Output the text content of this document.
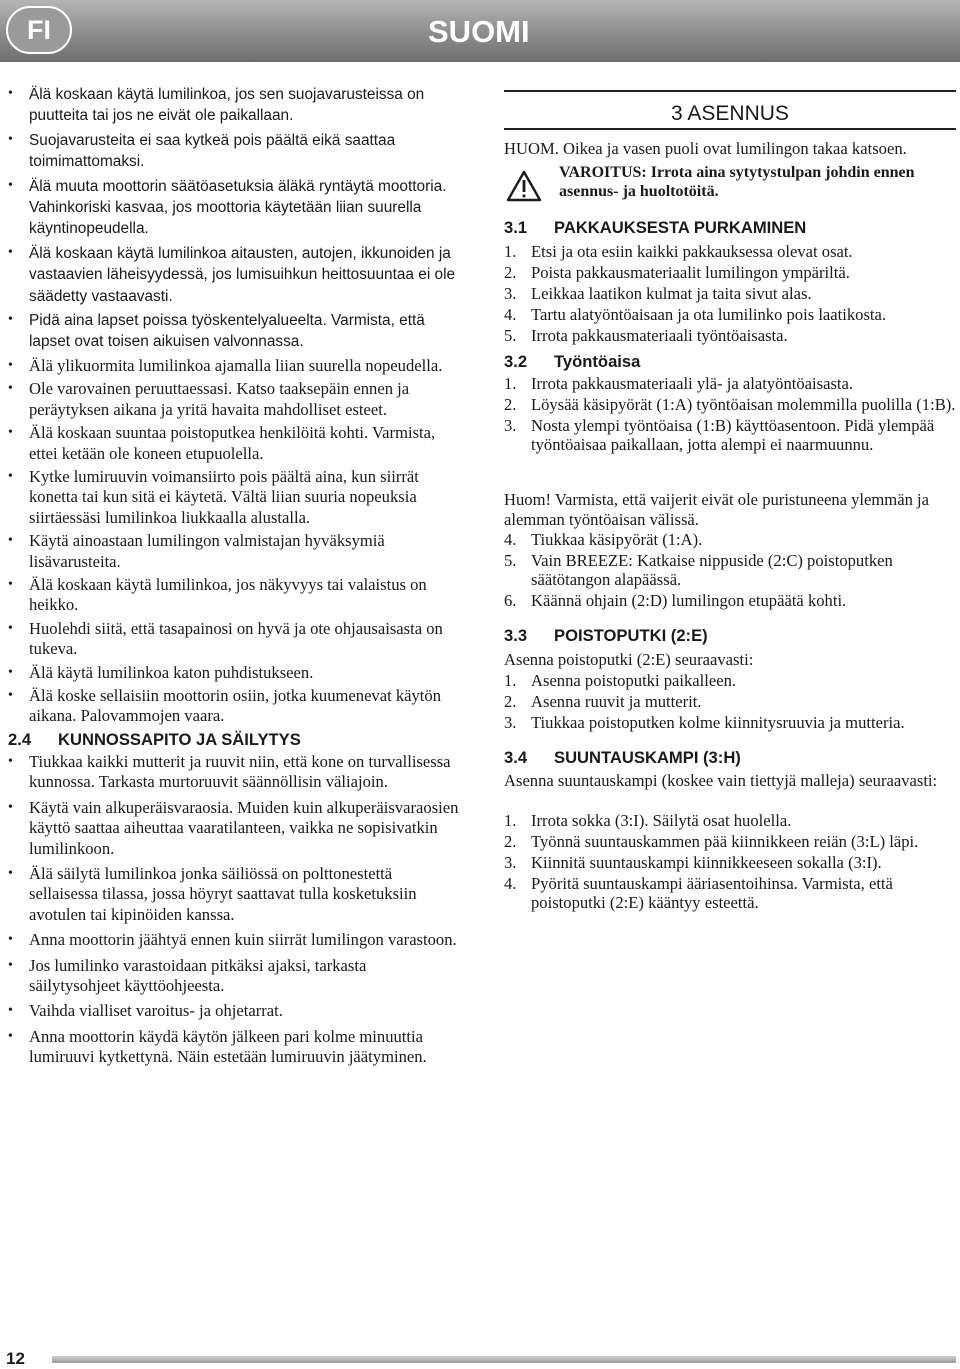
FI	SUOMI
• Älä koskaan käytä lumilinkoa, jos sen suojavarusteissa on puutteita tai jos ne eivät ole paikallaan.
• Suojavarusteita ei saa kytkeä pois päältä eikä saattaa toimimattomaksi.
• Älä muuta moottorin säätöasetuksia äläkä ryntäytä moottoria. Vahinkoriski kasvaa, jos moottoria käytetään liian suurella käyntinopeudella.
• Älä koskaan käytä lumilinkoa aitausten, autojen, ikkunoiden ja vastaavien läheisyydessä, jos lumisuihkun heittosuuntaa ei ole säädetty vastaavasti.
• Pidä aina lapset poissa työskentelyalueelta. Varmista, että lapset ovat toisen aikuisen valvonnassa.
• Älä ylikuormita lumilinkoa ajamalla liian suurella nopeudella.
• Ole varovainen peruuttaessasi. Katso taaksepäin ennen ja peräytyksen aikana ja yritä havaita mahdolliset esteet.
• Älä koskaan suuntaa poistoputkea henkilöitä kohti. Varmista, ettei ketään ole koneen etupuolella.
• Kytke lumiruuvin voimansiirto pois päältä aina, kun siirrät konetta tai kun sitä ei käytetä. Vältä liian suuria nopeuksia siirtäessäsi lumilinkoa liukkaalla alustalla.
• Käytä ainoastaan lumilingon valmistajan hyväksymiä lisävarusteita.
• Älä koskaan käytä lumilinkoa, jos näkyvyys tai valaistus on heikko.
• Huolehdi siitä, että tasapainosi on hyvä ja ote ohjausaisasta on tukeva.
• Älä käytä lumilinkoa katon puhdistukseen.
• Älä koske sellaisiin moottorin osiin, jotka kuumenevat käytön aikana. Palovammojen vaara.
2.4 KUNNOSSAPITO JA SÄILYTYS
• Tiukkaa kaikki mutterit ja ruuvit niin, että kone on turvallisessa kunnossa. Tarkasta murtoruuvit säännöllisin väliajoin.
• Käytä vain alkuperäisvaraosia. Muiden kuin alkuperäisvaraosien käyttö saattaa aiheuttaa vaaratilanteen, vaikka ne sopisivatkin lumilinkoon.
• Älä säilytä lumilinkoa jonka säiliössä on polttonestettä sellaisessa tilassa, jossa höyryt saattavat tulla kosketuksiin avotulen tai kipinöiden kanssa.
• Anna moottorin jäähtyä ennen kuin siirrät lumilingon varastoon.
• Jos lumilinko varastoidaan pitkäksi ajaksi, tarkasta säilytysohjeet käyttöohjeesta.
• Vaihda vialliset varoitus- ja ohjetarrat.
• Anna moottorin käydä käytön jälkeen pari kolme minuuttia lumiruuvi kytkettynä. Näin estetään lumiruuvin jäätyminen.
3 ASENNUS
HUOM. Oikea ja vasen puoli ovat lumilingon takaa katsoen.
VAROITUS: Irrota aina sytytystulpan johdin ennen asennus- ja huoltotöitä.
3.1 PAKKAUKSESTA PURKAMINEN
1. Etsi ja ota esiin kaikki pakkauksessa olevat osat.
2. Poista pakkausmateriaalit lumilingon ympäriltä.
3. Leikkaa laatikon kulmat ja taita sivut alas.
4. Tartu alatyöntöaisaan ja ota lumilinko pois laatikosta.
5. Irrota pakkausmateriaali työntöaisasta.
3.2 Työntöaisa
1. Irrota pakkausmateriaali ylä- ja alatyöntöaisasta.
2. Löysää käsipyörät (1:A) työntöaisan molemmilla puolilla (1:B).
3. Nosta ylempi työntöaisa (1:B) käyttöasentoon. Pidä ylempää työntöaisaa paikallaan, jotta alempi ei naarmuunnu.
Huom! Varmista, että vaijerit eivät ole puristuneena ylemmän ja alemman työntöaisan välissä.
4. Tiukkaa käsipyörät (1:A).
5. Vain BREEZE: Katkaise nippuside (2:C) poistoputken säätötangon alapäässä.
6. Käännä ohjain (2:D) lumilingon etupäätä kohti.
3.3 POISTOPUTKI (2:E)
Asenna poistoputki (2:E) seuraavasti:
1. Asenna poistoputki paikalleen.
2. Asenna ruuvit ja mutterit.
3. Tiukkaa poistoputken kolme kiinnitysruuvia ja mutteria.
3.4 SUUNTAUSKAMPI (3:H)
Asenna suuntauskampi (koskee vain tiettyjä malleja) seuraavasti:
1. Irrota sokka (3:I). Säilytä osat huolella.
2. Työnnä suuntauskammen pää kiinnikkeen reiän (3:L) läpi.
3. Kiinnitä suuntauskampi kiinnikkeeseen sokalla (3:I).
4. Pyöritä suuntauskampi ääriasentoihinsa. Varmista, että poistoputki (2:E) kääntyy esteettä.
12
